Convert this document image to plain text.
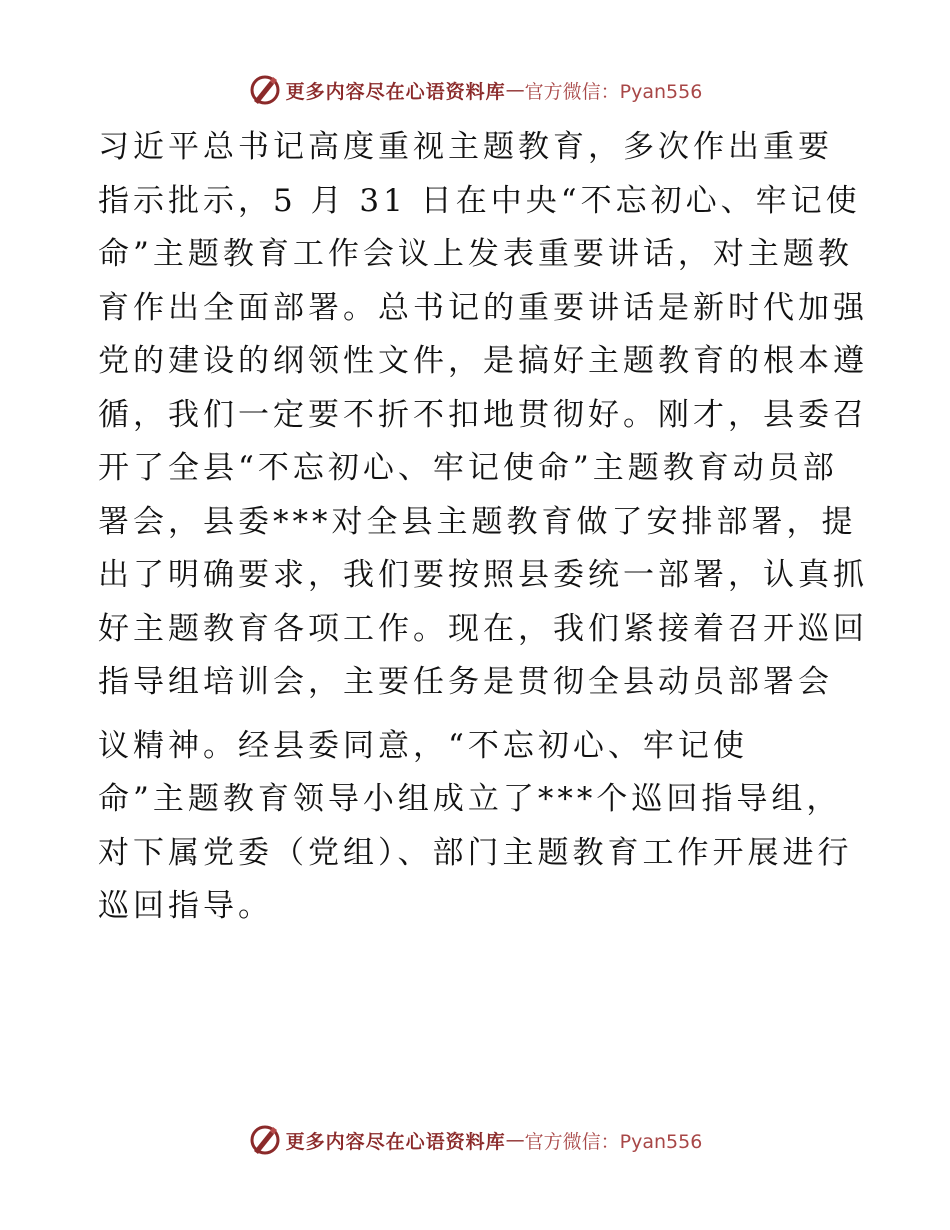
更多内容尽在心语资料库 — 官方微信：Pyan556
习近平总书记高度重视主题教育，多次作出重要
指示批示，5 月 31 日在中央“不忘初心、牢记使
命”主题教育工作会议上发表重要讲话，对主题教
育作出全面部署。总书记的重要讲话是新时代加强
党的建设的纲领性文件，是搞好主题教育的根本遵
循，我们一定要不折不扣地贯彻好。刚才，县委召
开了全县“不忘初心、牢记使命”主题教育动员部
署会，县委***对全县主题教育做了安排部署，提
出了明确要求，我们要按照县委统一部署，认真抓
好主题教育各项工作。现在，我们紧接着召开巡回
指导组培训会，主要任务是贯彻全县动员部署会
议精神。经县委同意，“不忘初心、牢记使
命”主题教育领导小组成立了***个巡回指导组，
对下属党委（党组）、部门主题教育工作开展进行
巡回指导。
更多内容尽在心语资料库 — 官方微信：Pyan556
